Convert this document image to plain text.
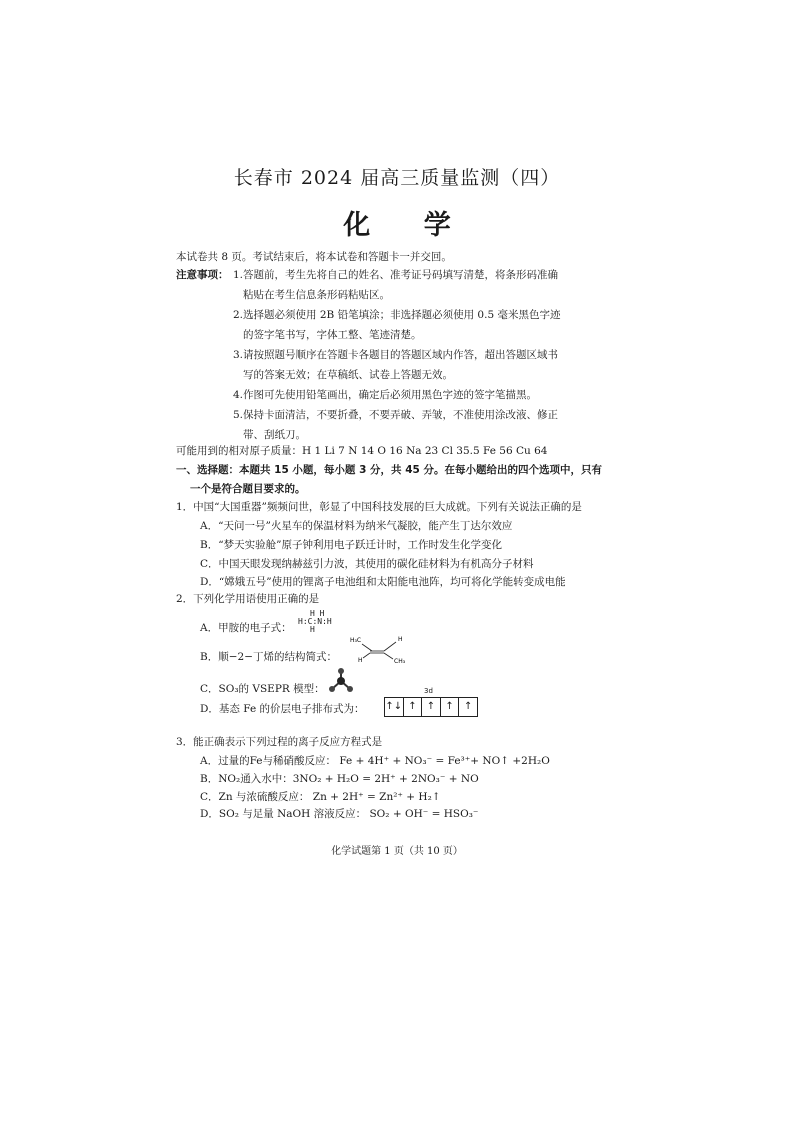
长春市 2024 届高三质量监测（四）
化 学
本试卷共 8 页。考试结束后，将本试卷和答题卡一并交回。
注意事项： 1.答题前，考生先将自己的姓名、准考证号码填写清楚，将条形码准确
粘贴在考生信息条形码粘贴区。
2.选择题必须使用 2B 铅笔填涂；非选择题必须使用 0.5 毫米黑色字迹
的签字笔书写，字体工整、笔迹清楚。
3.请按照题号顺序在答题卡各题目的答题区域内作答，超出答题区域书
写的答案无效；在草稿纸、试卷上答题无效。
4.作图可先使用铅笔画出，确定后必须用黑色字迹的签字笔描黑。
5.保持卡面清洁，不要折叠，不要弄破、弄皱，不准使用涂改液、修正
带、刮纸刀。
可能用到的相对原子质量：H 1 Li 7 N 14 O 16 Na 23 Cl 35.5 Fe 56 Cu 64
一、选择题：本题共 15 小题，每小题 3 分，共 45 分。在每小题给出的四个选项中，只有
一个是符合题目要求的。
1．中国“大国重器”频频问世，彰显了中国科技发展的巨大成就。下列有关说法正确的是
A．“天问一号”火星车的保温材料为纳米气凝胶，能产生丁达尔效应
B．“梦天实验舱”原子钟利用电子跃迁计时，工作时发生化学变化
C．中国天眼发现纳赫兹引力波，其使用的碳化硅材料为有机高分子材料
D．“嫦娥五号”使用的锂离子电池组和太阳能电池阵，均可将化学能转变成电能
2．下列化学用语使用正确的是
A．甲胺的电子式：
H H
H:C:N:H
H
B．顺−2−丁烯的结构简式：
H₃C	H
H	CH₃
C．SO₃的 VSEPR 模型：
D．基态 Fe 的价层电子排布式为：
3d
↑↓ ↑	↑	↑	↑
3．能正确表示下列过程的离子反应方程式是
A．过量的Fe与稀硝酸反应： Fe + 4H⁺ + NO₃⁻ = Fe³⁺+ NO↑ +2H₂O
B．NO₂通入水中：3NO₂ + H₂O = 2H⁺ + 2NO₃⁻ + NO
C．Zn 与浓硫酸反应： Zn + 2H⁺ = Zn²⁺ + H₂↑
D．SO₂ 与足量 NaOH 溶液反应： SO₂ + OH⁻ = HSO₃⁻
化学试题第 1 页（共 10 页）
